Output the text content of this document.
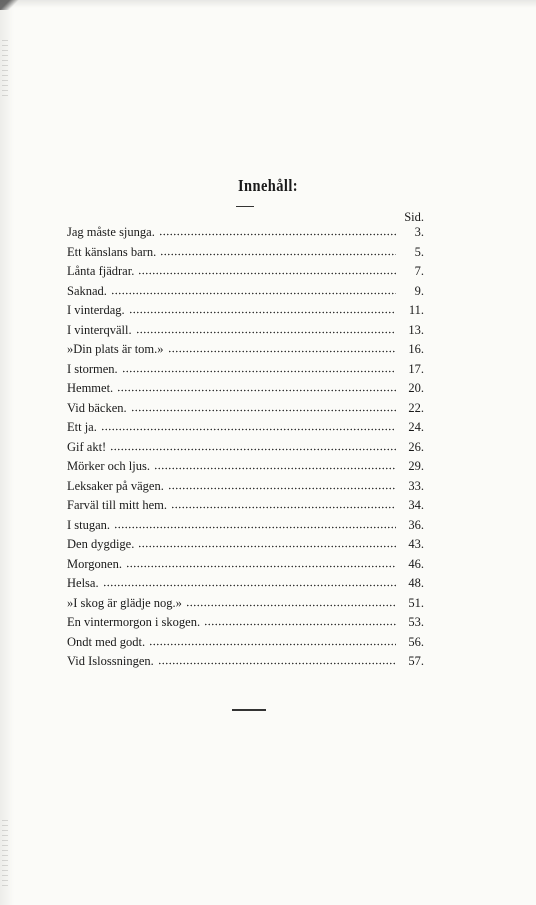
Innehåll:
Sid.
Jag måste sjunga.	3.
Ett känslans barn.	5.
Lånta fjädrar.	7.
Saknad.	9.
I vinterdag.	11.
I vinterqväll.	13.
»Din plats är tom.»	16.
I stormen.	17.
Hemmet.	20.
Vid bäcken.	22.
Ett ja.	24.
Gif akt!	26.
Mörker och ljus.	29.
Leksaker på vägen.	33.
Farväl till mitt hem.	34.
I stugan.	36.
Den dygdige.	43.
Morgonen.	46.
Helsa.	48.
»I skog är glädje nog.»	51.
En vintermorgon i skogen.	53.
Ondt med godt.	56.
Vid Islossningen.	57.
